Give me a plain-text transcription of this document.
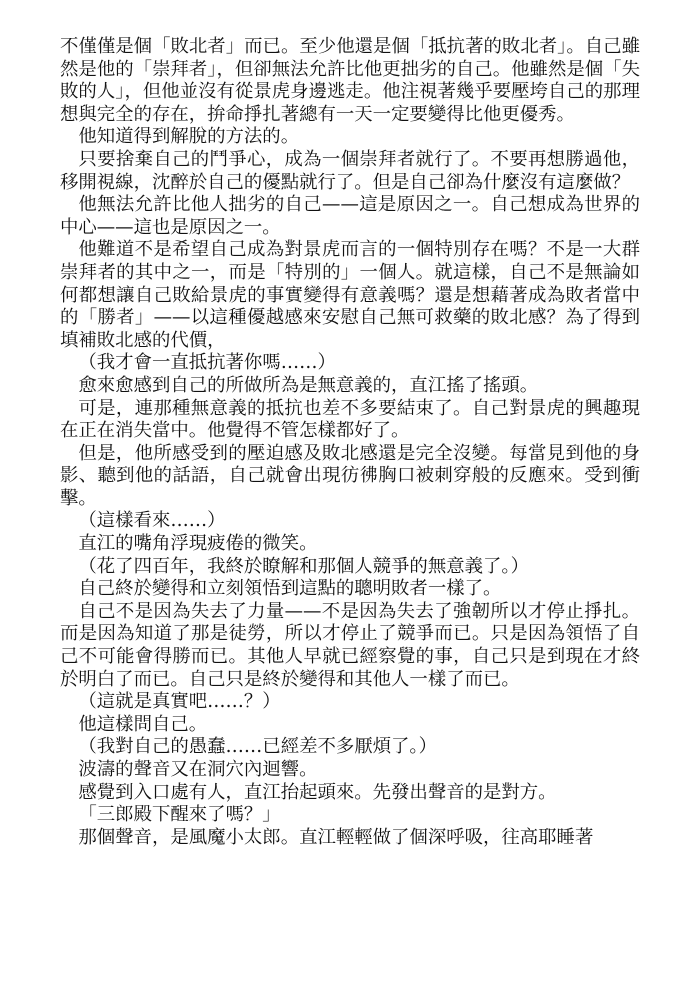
不僅僅是個「敗北者」而已。至少他還是個「抵抗著的敗北者」。自己雖然是他的「崇拜者」，但卻無法允許比他更拙劣的自己。他雖然是個「失敗的人」，但他並沒有從景虎身邊逃走。他注視著幾乎要壓垮自己的那理想與完全的存在，拚命掙扎著總有一天一定要變得比他更優秀。

他知道得到解脫的方法的。

只要捨棄自己的鬥爭心，成為一個崇拜者就行了。不要再想勝過他，移開視線，沈醉於自己的優點就行了。但是自己卻為什麼沒有這麼做？

他無法允許比他人拙劣的自己——這是原因之一。自己想成為世界的中心——這也是原因之一。

他難道不是希望自己成為對景虎而言的一個特別存在嗎？不是一大群崇拜者的其中之一，而是「特別的」一個人。就這樣，自己不是無論如何都想讓自己敗給景虎的事實變得有意義嗎？還是想藉著成為敗者當中的「勝者」——以這種優越感來安慰自己無可救藥的敗北感？為了得到填補敗北感的代價，

（我才會一直抵抗著你嗎……）

愈來愈感到自己的所做所為是無意義的，直江搖了搖頭。

可是，連那種無意義的抵抗也差不多要結束了。自己對景虎的興趣現在正在消失當中。他覺得不管怎樣都好了。

但是，他所感受到的壓迫感及敗北感還是完全沒變。每當見到他的身影、聽到他的話語，自己就會出現彷彿胸口被刺穿般的反應來。受到衝擊。

（這樣看來……）

直江的嘴角浮現疲倦的微笑。

（花了四百年，我終於瞭解和那個人競爭的無意義了。）

自己終於變得和立刻領悟到這點的聰明敗者一樣了。

自己不是因為失去了力量——不是因為失去了強韌所以才停止掙扎。而是因為知道了那是徒勞，所以才停止了競爭而已。只是因為領悟了自己不可能會得勝而已。其他人早就已經察覺的事，自己只是到現在才終於明白了而已。自己只是終於變得和其他人一樣了而已。

（這就是真實吧……？）

他這樣問自己。

（我對自己的愚蠢……已經差不多厭煩了。）

波濤的聲音又在洞穴內迴響。

感覺到入口處有人，直江抬起頭來。先發出聲音的是對方。

「三郎殿下醒來了嗎？」

那個聲音，是風魔小太郎。直江輕輕做了個深呼吸，往高耶睡著
